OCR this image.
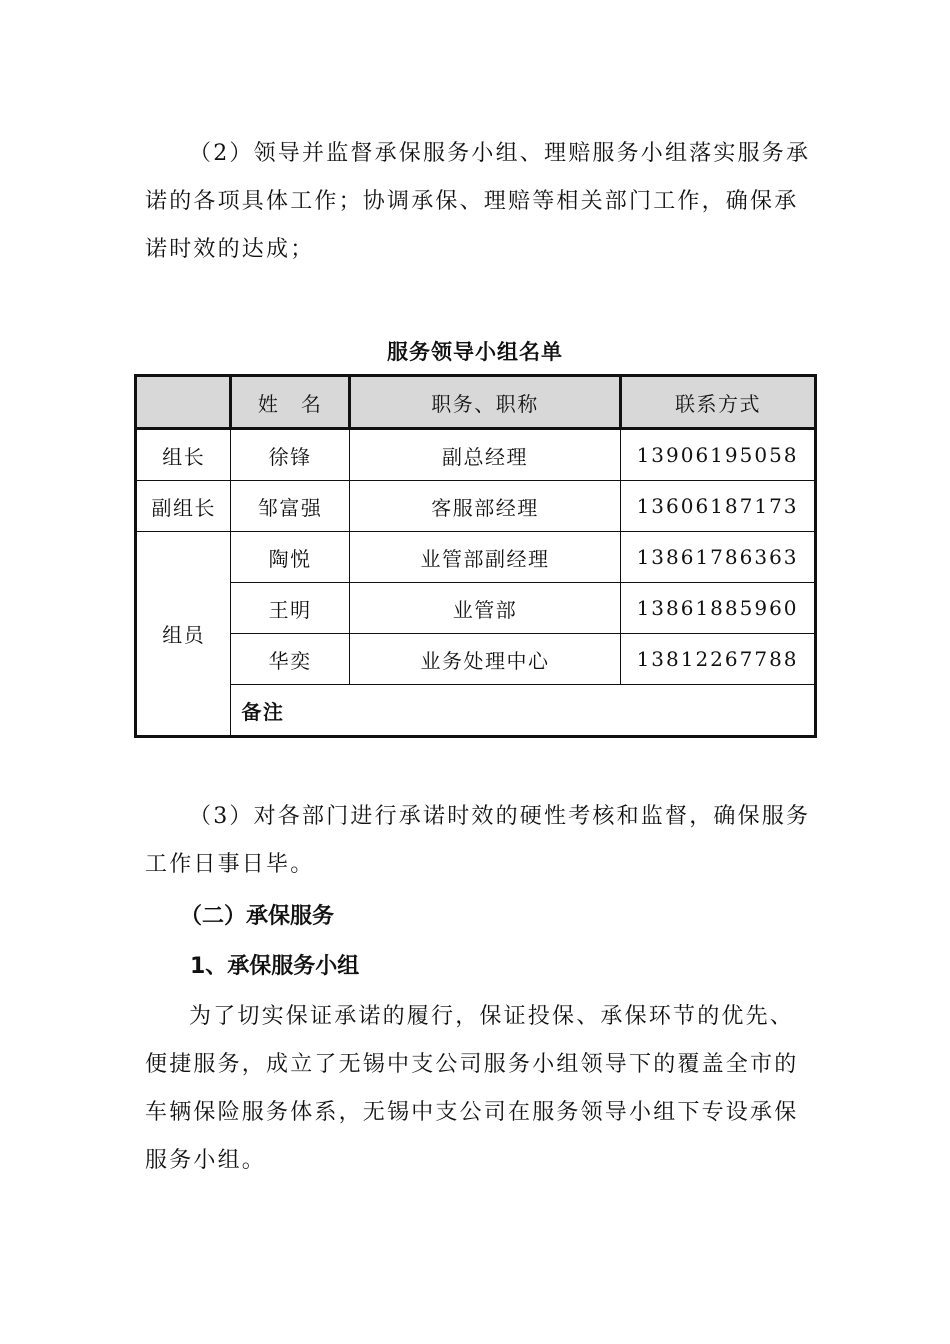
（2）领导并监督承保服务小组、理赔服务小组落实服务承
诺的各项具体工作；协调承保、理赔等相关部门工作，确保承
诺时效的达成；

服务领导小组名单

	姓　名	职务、职称	联系方式
组长	徐锋	副总经理	13906195058
副组长	邹富强	客服部经理	13606187173
组员	陶悦	业管部副经理	13861786363
	王明	业管部	13861885960
	华奕	业务处理中心	13812267788
	备注		

（3）对各部门进行承诺时效的硬性考核和监督，确保服务
工作日事日毕。

（二）承保服务

1、承保服务小组

为了切实保证承诺的履行，保证投保、承保环节的优先、
便捷服务，成立了无锡中支公司服务小组领导下的覆盖全市的
车辆保险服务体系，无锡中支公司在服务领导小组下专设承保
服务小组。
